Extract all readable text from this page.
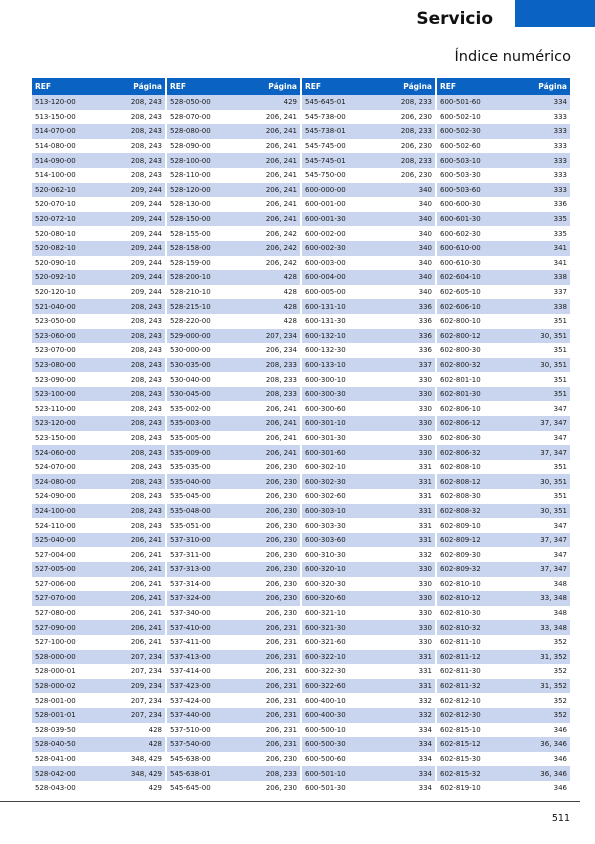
Servicio
Índice numérico
REF	Página
513-120-00	208, 243
513-150-00	208, 243
514-070-00	208, 243
514-080-00	208, 243
514-090-00	208, 243
514-100-00	208, 243
520-062-10	209, 244
520-070-10	209, 244
520-072-10	209, 244
520-080-10	209, 244
520-082-10	209, 244
520-090-10	209, 244
520-092-10	209, 244
520-120-10	209, 244
521-040-00	208, 243
523-050-00	208, 243
523-060-00	208, 243
523-070-00	208, 243
523-080-00	208, 243
523-090-00	208, 243
523-100-00	208, 243
523-110-00	208, 243
523-120-00	208, 243
523-150-00	208, 243
524-060-00	208, 243
524-070-00	208, 243
524-080-00	208, 243
524-090-00	208, 243
524-100-00	208, 243
524-110-00	208, 243
525-040-00	206, 241
527-004-00	206, 241
527-005-00	206, 241
527-006-00	206, 241
527-070-00	206, 241
527-080-00	206, 241
527-090-00	206, 241
527-100-00	206, 241
528-000-00	207, 234
528-000-01	207, 234
528-000-02	209, 234
528-001-00	207, 234
528-001-01	207, 234
528-039-50	428
528-040-50	428
528-041-00	348, 429
528-042-00	348, 429
528-043-00	429
REF	Página
528-050-00	429
528-070-00	206, 241
528-080-00	206, 241
528-090-00	206, 241
528-100-00	206, 241
528-110-00	206, 241
528-120-00	206, 241
528-130-00	206, 241
528-150-00	206, 241
528-155-00	206, 242
528-158-00	206, 242
528-159-00	206, 242
528-200-10	428
528-210-10	428
528-215-10	428
528-220-00	428
529-000-00	207, 234
530-000-00	206, 234
530-035-00	208, 233
530-040-00	208, 233
530-045-00	208, 233
535-002-00	206, 241
535-003-00	206, 241
535-005-00	206, 241
535-009-00	206, 241
535-035-00	206, 230
535-040-00	206, 230
535-045-00	206, 230
535-048-00	206, 230
535-051-00	206, 230
537-310-00	206, 230
537-311-00	206, 230
537-313-00	206, 230
537-314-00	206, 230
537-324-00	206, 230
537-340-00	206, 230
537-410-00	206, 231
537-411-00	206, 231
537-413-00	206, 231
537-414-00	206, 231
537-423-00	206, 231
537-424-00	206, 231
537-440-00	206, 231
537-510-00	206, 231
537-540-00	206, 231
545-638-00	206, 230
545-638-01	208, 233
545-645-00	206, 230
REF	Página
545-645-01	208, 233
545-738-00	206, 230
545-738-01	208, 233
545-745-00	206, 230
545-745-01	208, 233
545-750-00	206, 230
600-000-00	340
600-001-00	340
600-001-30	340
600-002-00	340
600-002-30	340
600-003-00	340
600-004-00	340
600-005-00	340
600-131-10	336
600-131-30	336
600-132-10	336
600-132-30	336
600-133-10	337
600-300-10	330
600-300-30	330
600-300-60	330
600-301-10	330
600-301-30	330
600-301-60	330
600-302-10	331
600-302-30	331
600-302-60	331
600-303-10	331
600-303-30	331
600-303-60	331
600-310-30	332
600-320-10	330
600-320-30	330
600-320-60	330
600-321-10	330
600-321-30	330
600-321-60	330
600-322-10	331
600-322-30	331
600-322-60	331
600-400-10	332
600-400-30	332
600-500-10	334
600-500-30	334
600-500-60	334
600-501-10	334
600-501-30	334
REF	Página
600-501-60	334
600-502-10	333
600-502-30	333
600-502-60	333
600-503-10	333
600-503-30	333
600-503-60	333
600-600-30	336
600-601-30	335
600-602-30	335
600-610-00	341
600-610-30	341
602-604-10	338
602-605-10	337
602-606-10	338
602-800-10	351
602-800-12	30, 351
602-800-30	351
602-800-32	30, 351
602-801-10	351
602-801-30	351
602-806-10	347
602-806-12	37, 347
602-806-30	347
602-806-32	37, 347
602-808-10	351
602-808-12	30, 351
602-808-30	351
602-808-32	30, 351
602-809-10	347
602-809-12	37, 347
602-809-30	347
602-809-32	37, 347
602-810-10	348
602-810-12	33, 348
602-810-30	348
602-810-32	33, 348
602-811-10	352
602-811-12	31, 352
602-811-30	352
602-811-32	31, 352
602-812-10	352
602-812-30	352
602-815-10	346
602-815-12	36, 346
602-815-30	346
602-815-32	36, 346
602-819-10	346
511
